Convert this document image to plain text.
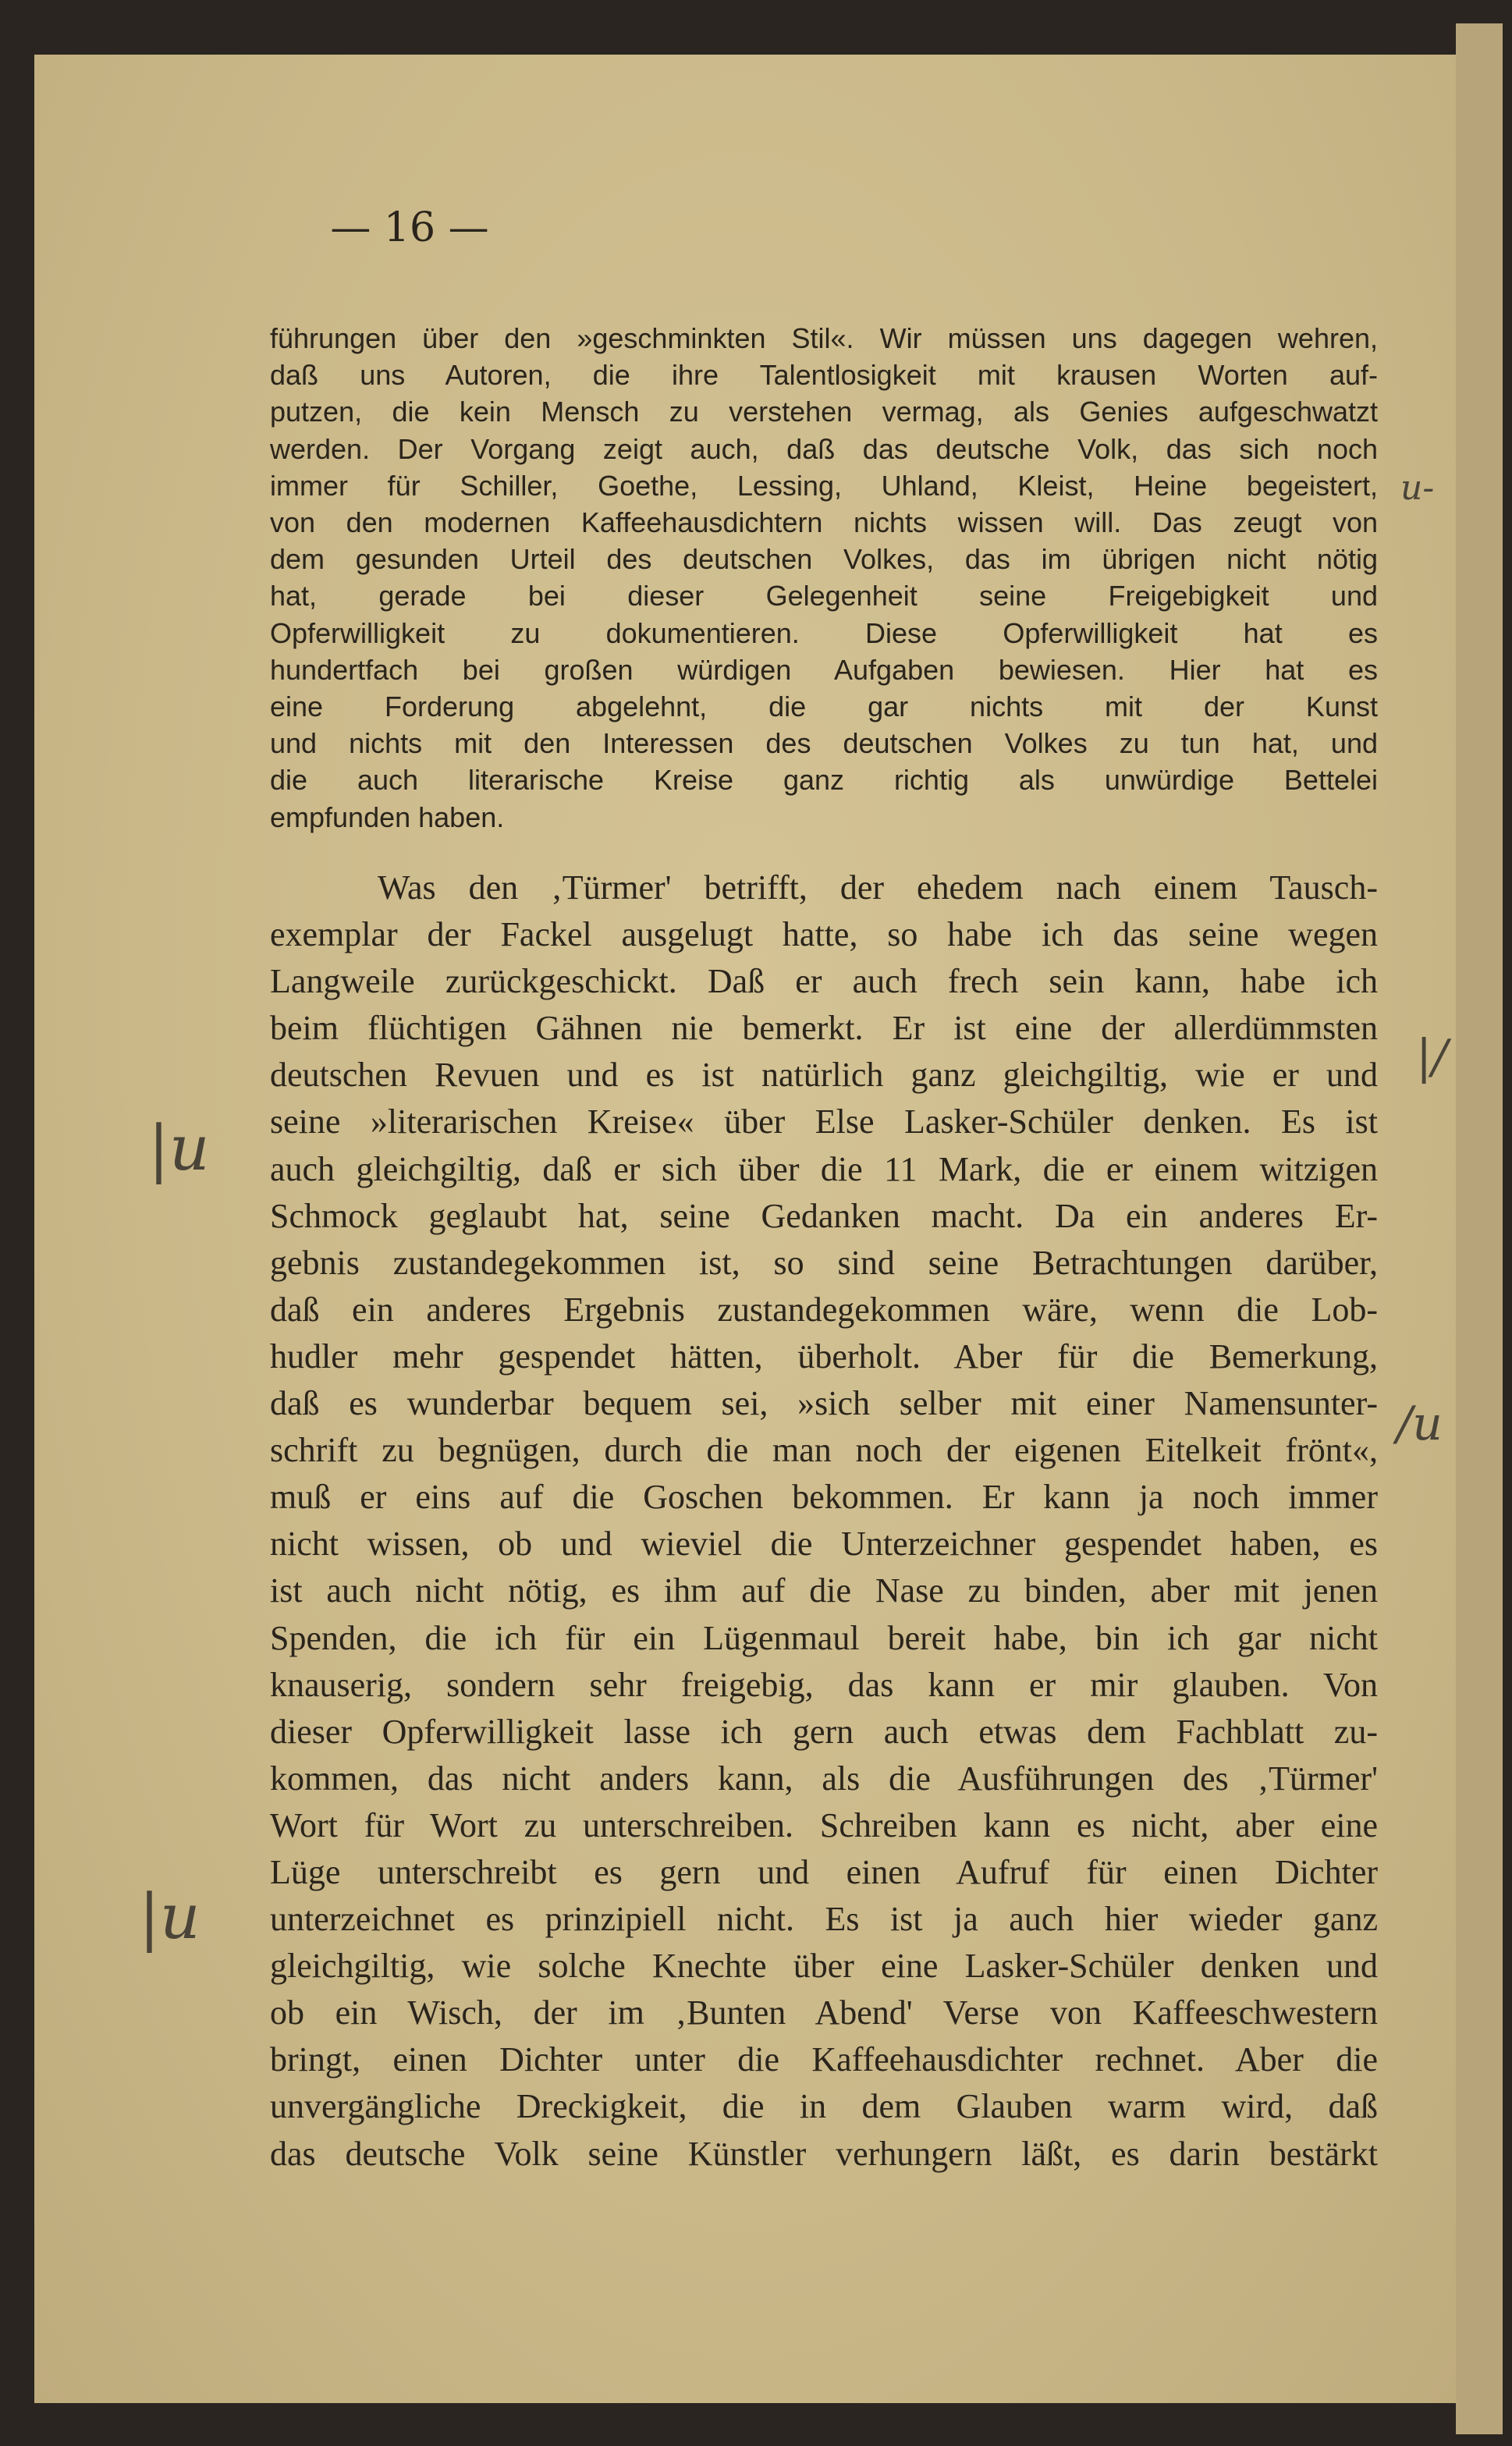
— 16 —
führungen über den »geschminkten Stil«. Wir müssen uns dagegen wehren,
daß uns Autoren, die ihre Talentlosigkeit mit krausen Worten auf-
putzen, die kein Mensch zu verstehen vermag, als Genies aufgeschwatzt
werden. Der Vorgang zeigt auch, daß das deutsche Volk, das sich noch
immer für Schiller, Goethe, Lessing, Uhland, Kleist, Heine begeistert,
von den modernen Kaffeehausdichtern nichts wissen will. Das zeugt von
dem gesunden Urteil des deutschen Volkes, das im übrigen nicht nötig
hat, gerade bei dieser Gelegenheit seine Freigebigkeit und
Opferwilligkeit zu dokumentieren. Diese Opferwilligkeit hat es
hundertfach bei großen würdigen Aufgaben bewiesen. Hier hat es
eine Forderung abgelehnt, die gar nichts mit der Kunst
und nichts mit den Interessen des deutschen Volkes zu tun hat, und
die auch literarische Kreise ganz richtig als unwürdige Bettelei
empfunden haben.
Was den ‚Türmer' betrifft, der ehedem nach einem Tausch-
exemplar der Fackel ausgelugt hatte, so habe ich das seine wegen
Langweile zurückgeschickt. Daß er auch frech sein kann, habe ich
beim flüchtigen Gähnen nie bemerkt. Er ist eine der allerdümmsten
deutschen Revuen und es ist natürlich ganz gleichgiltig, wie er und
seine »literarischen Kreise« über Else Lasker-Schüler denken. Es ist
auch gleichgiltig, daß er sich über die 11 Mark, die er einem witzigen
Schmock geglaubt hat, seine Gedanken macht. Da ein anderes Er-
gebnis zustandegekommen ist, so sind seine Betrachtungen darüber,
daß ein anderes Ergebnis zustandegekommen wäre, wenn die Lob-
hudler mehr gespendet hätten, überholt. Aber für die Bemerkung,
daß es wunderbar bequem sei, »sich selber mit einer Namensunter-
schrift zu begnügen, durch die man noch der eigenen Eitelkeit frönt«,
muß er eins auf die Goschen bekommen. Er kann ja noch immer
nicht wissen, ob und wieviel die Unterzeichner gespendet haben, es
ist auch nicht nötig, es ihm auf die Nase zu binden, aber mit jenen
Spenden, die ich für ein Lügenmaul bereit habe, bin ich gar nicht
knauserig, sondern sehr freigebig, das kann er mir glauben. Von
dieser Opferwilligkeit lasse ich gern auch etwas dem Fachblatt zu-
kommen, das nicht anders kann, als die Ausführungen des ‚Türmer'
Wort für Wort zu unterschreiben. Schreiben kann es nicht, aber eine
Lüge unterschreibt es gern und einen Aufruf für einen Dichter
unterzeichnet es prinzipiell nicht. Es ist ja auch hier wieder ganz
gleichgiltig, wie solche Knechte über eine Lasker-Schüler denken und
ob ein Wisch, der im ‚Bunten Abend' Verse von Kaffeeschwestern
bringt, einen Dichter unter die Kaffeehausdichter rechnet. Aber die
unvergängliche Dreckigkeit, die in dem Glauben warm wird, daß
das deutsche Volk seine Künstler verhungern läßt, es darin bestärkt
u-
|/
|u
/u
|u
